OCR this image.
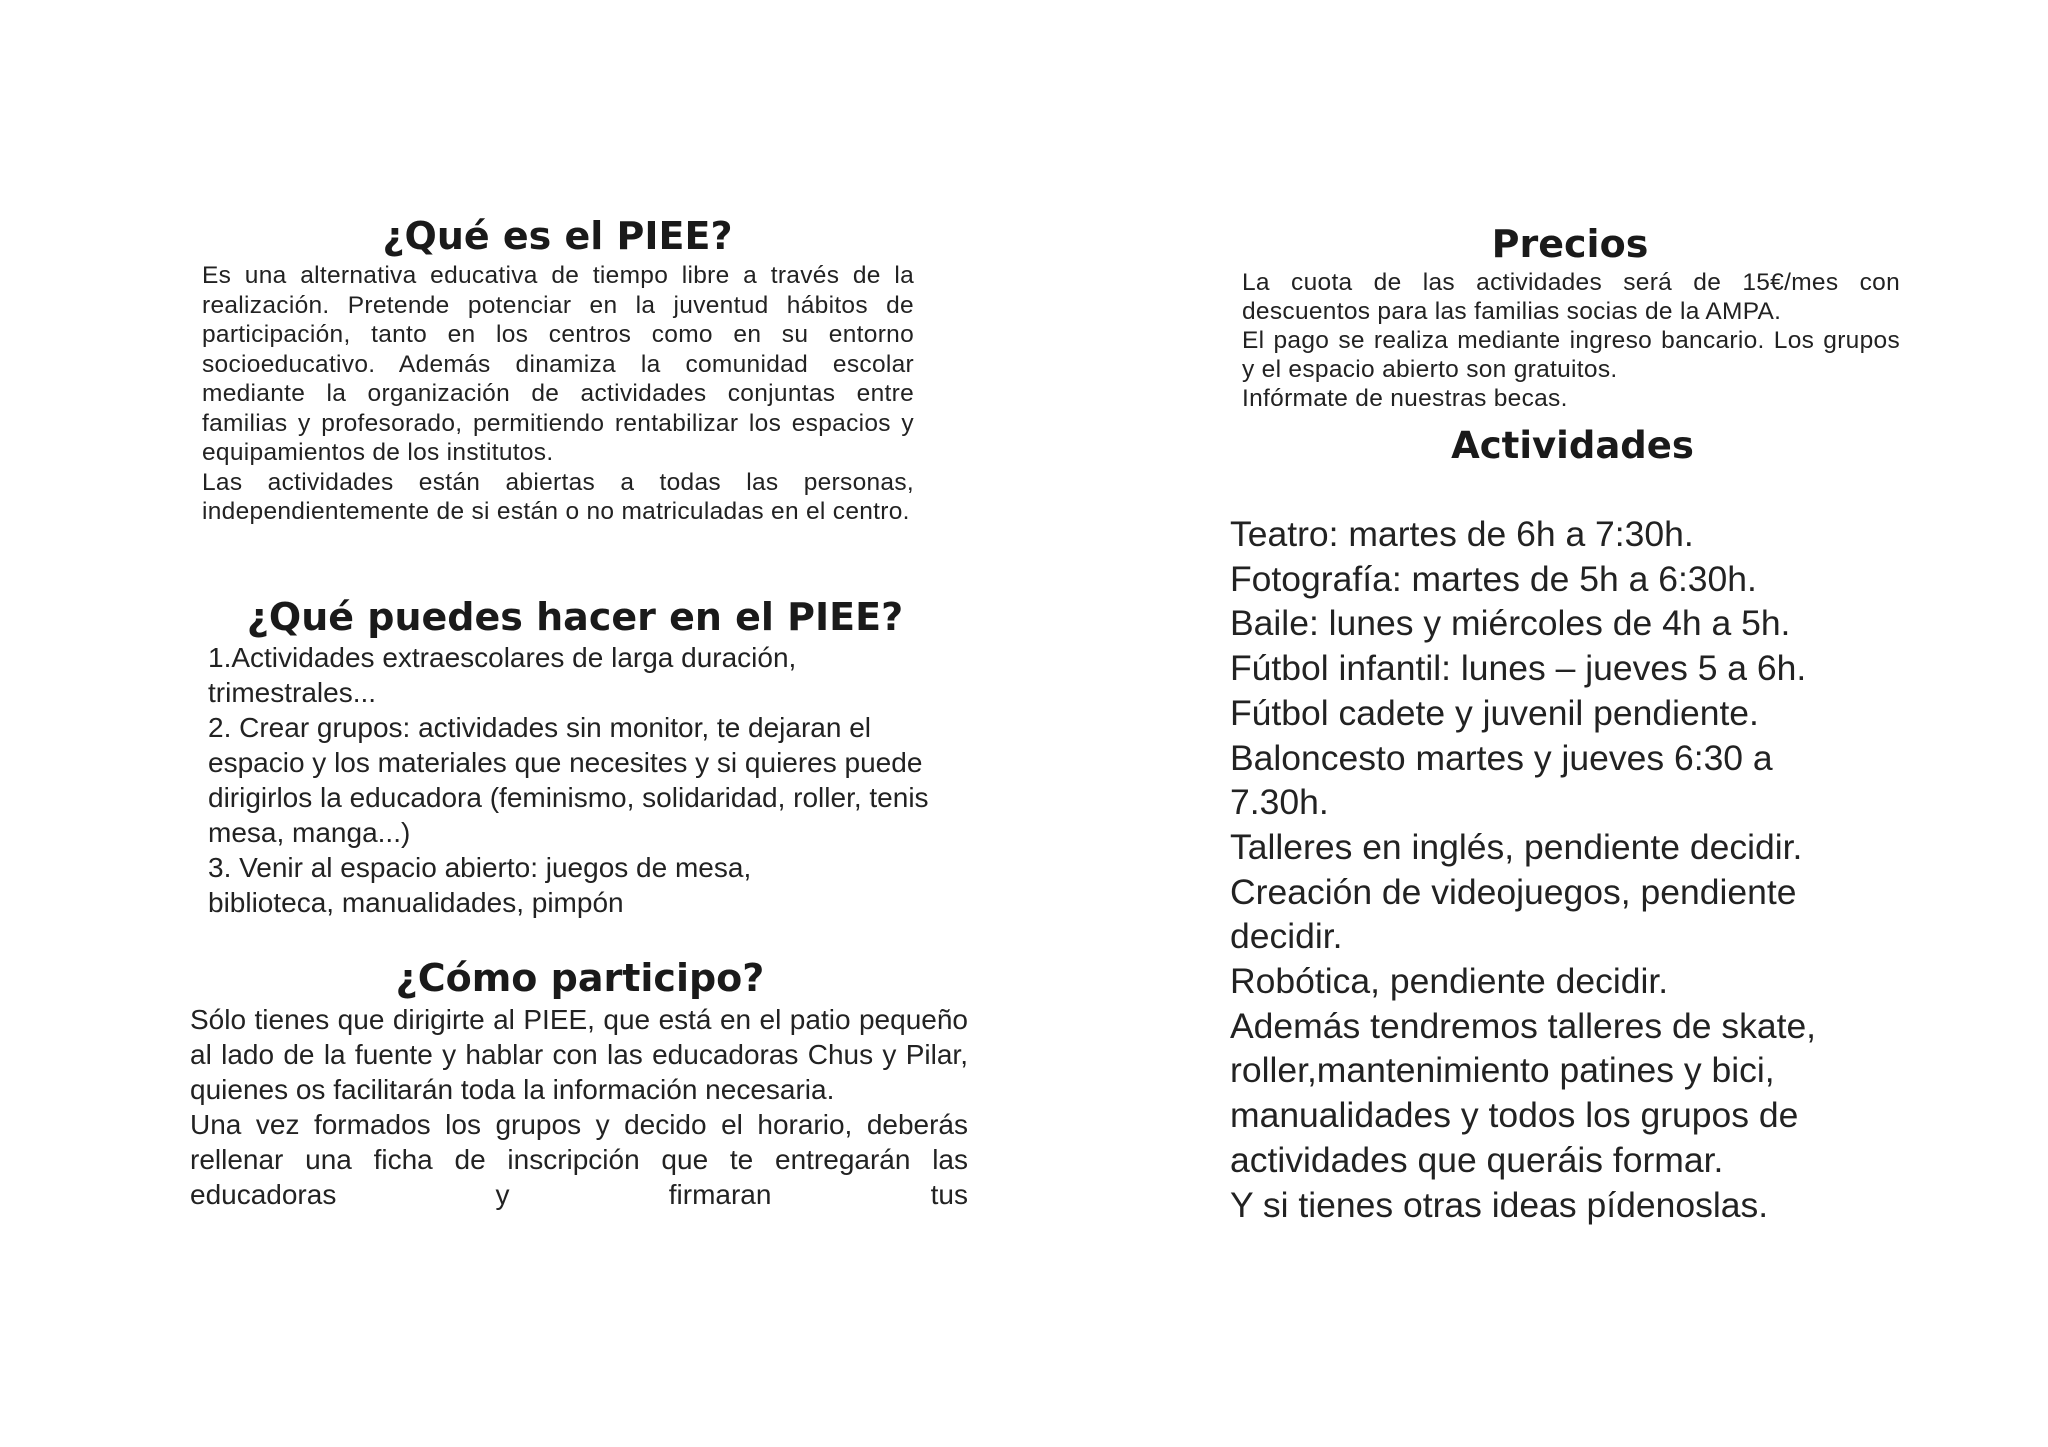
¿Qué es el PIEE?

Es una alternativa educativa de tiempo libre a través de la realización. Pretende potenciar en la juventud hábitos de participación, tanto en los centros como en su entorno socioeducativo. Además dinamiza la comunidad escolar mediante la organización de actividades conjuntas entre familias y profesorado, permitiendo rentabilizar los espacios y equipamientos de los institutos.

Las actividades están abiertas a todas las personas, independientemente de si están o no matriculadas en el centro.

¿Qué puedes hacer en el PIEE?

1.Actividades extraescolares de larga duración, trimestrales...

2. Crear grupos: actividades sin monitor, te dejaran el espacio y los materiales que necesites y si quieres puede dirigirlos la educadora (feminismo, solidaridad, roller, tenis mesa, manga...)

3. Venir al espacio abierto: juegos de mesa, biblioteca, manualidades, pimpón

¿Cómo participo?

Sólo tienes que dirigirte al PIEE, que está en el patio pequeño al lado de la fuente y hablar con las educadoras Chus y Pilar, quienes os facilitarán toda la información necesaria.

Una vez formados los grupos y decido el horario, deberás rellenar una ficha de inscripción que te entregarán las educadoras y firmaran tus

Precios

La cuota de las actividades será de 15€/mes con descuentos para las familias socias de la AMPA.

El pago se realiza mediante ingreso bancario. Los grupos y el espacio abierto son gratuitos.

Infórmate de nuestras becas.

Actividades

Teatro: martes de 6h a 7:30h.

Fotografía: martes de 5h a 6:30h.

Baile: lunes y miércoles de 4h a 5h.

Fútbol infantil: lunes – jueves 5 a 6h.

Fútbol cadete y juvenil pendiente.

Baloncesto martes y jueves 6:30 a 7.30h.

Talleres en inglés, pendiente decidir.

Creación de videojuegos, pendiente decidir.

Robótica, pendiente decidir.

Además tendremos talleres de skate, roller,mantenimiento patines y bici, manualidades y todos los grupos de actividades que queráis formar.

Y si tienes otras ideas pídenoslas.
